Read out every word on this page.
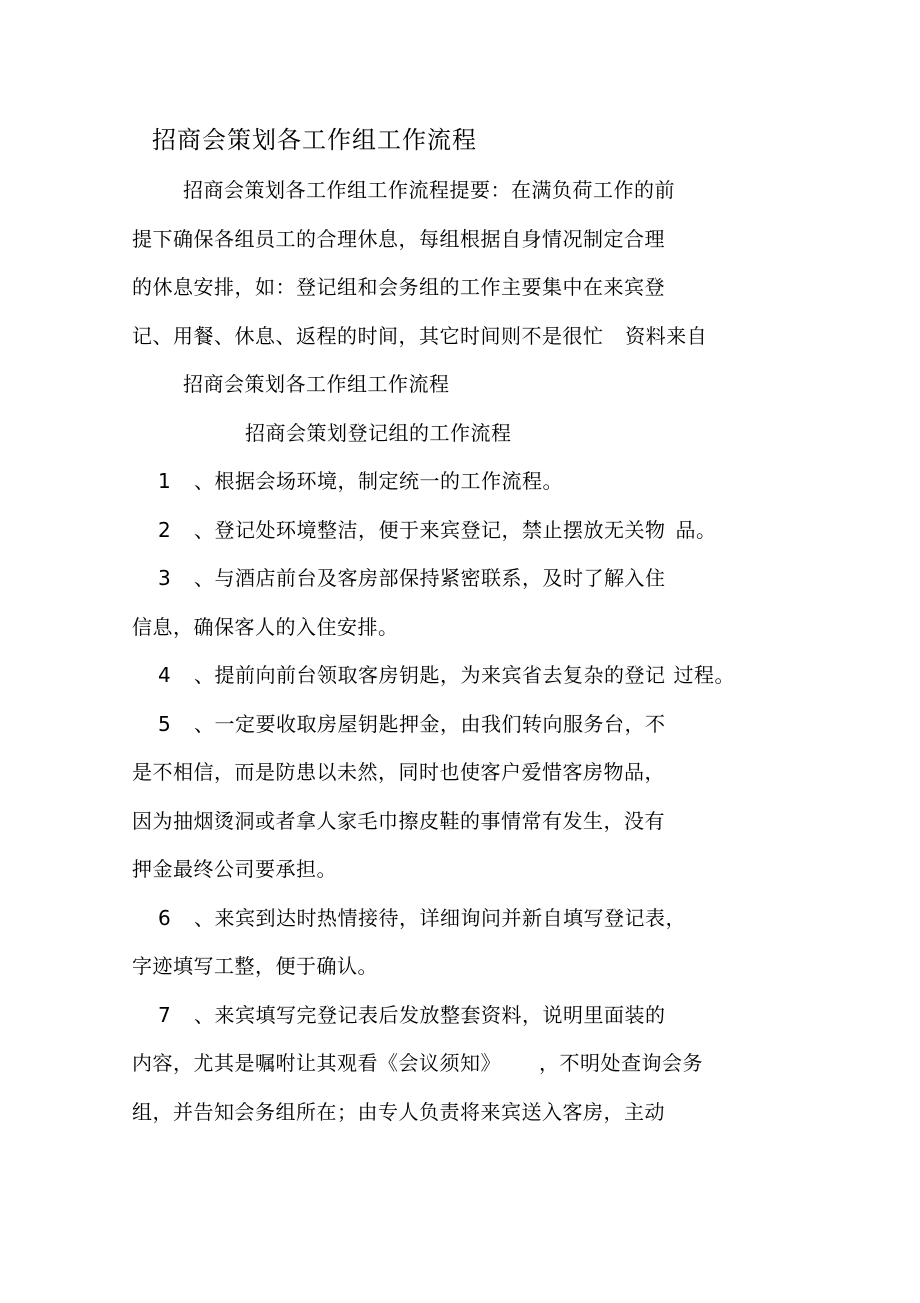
招商会策划各工作组工作流程
招商会策划各工作组工作流程提要：在满负荷工作的前
提下确保各组员工的合理休息，每组根据自身情况制定合理
的休息安排，如：登记组和会务组的工作主要集中在来宾登
记、用餐、休息、返程的时间，其它时间则不是很忙 资料来自
招商会策划各工作组工作流程
招商会策划登记组的工作流程
1 、根据会场环境，制定统一的工作流程。
2 、登记处环境整洁，便于来宾登记，禁止摆放无关物 品。
3 、与酒店前台及客房部保持紧密联系，及时了解入住
信息，确保客人的入住安排。
4 、提前向前台领取客房钥匙，为来宾省去复杂的登记 过程。
5 、一定要收取房屋钥匙押金，由我们转向服务台，不
是不相信，而是防患以未然，同时也使客户爱惜客房物品，
因为抽烟烫洞或者拿人家毛巾擦皮鞋的事情常有发生，没有
押金最终公司要承担。
6 、来宾到达时热情接待，详细询问并新自填写登记表，
字迹填写工整，便于确认。
7 、来宾填写完登记表后发放整套资料，说明里面装的
内容，尤其是嘱咐让其观看《会议须知》 ，不明处查询会务
组，并告知会务组所在；由专人负责将来宾送入客房，主动
